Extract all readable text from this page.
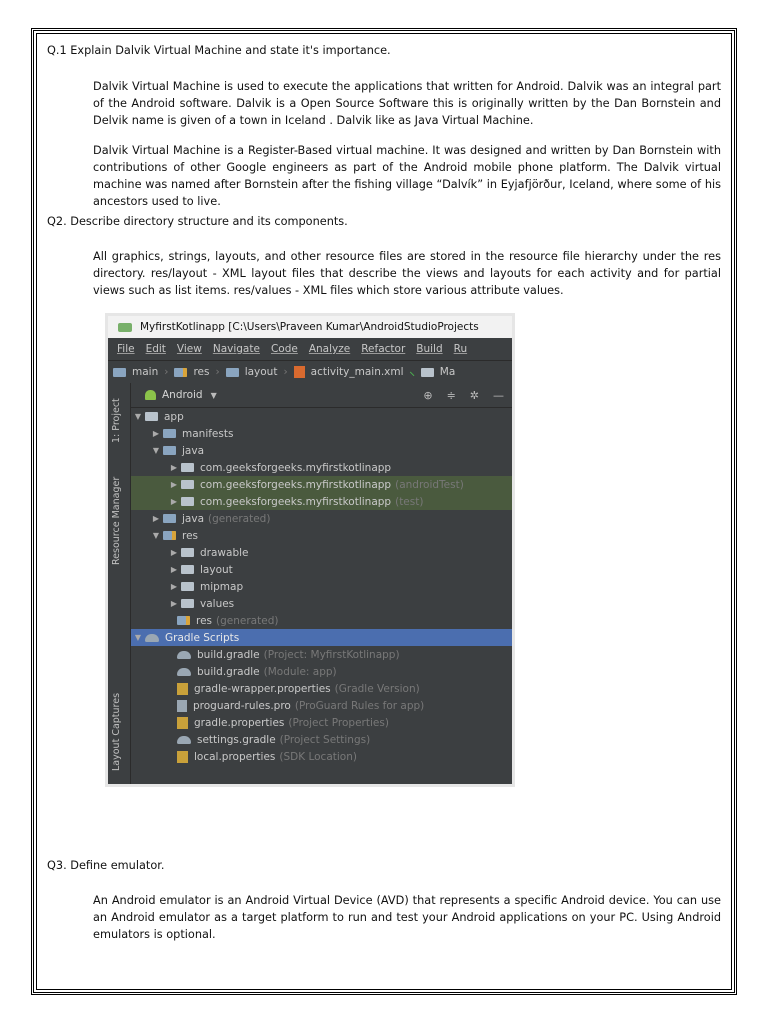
Q.1 Explain Dalvik Virtual Machine and state it's importance.

Dalvik Virtual Machine is used to execute the applications that written for Android. Dalvik was an integral part of the Android software. Dalvik is a Open Source Software this is originally written by the Dan Bornstein and Delvik name is given of a town in Iceland . Dalvik like as Java Virtual Machine.

Dalvik Virtual Machine is a Register-Based virtual machine. It was designed and written by Dan Bornstein with contributions of other Google engineers as part of the Android mobile phone platform. The Dalvik virtual machine was named after Bornstein after the fishing village “Dalvík” in Eyjafjörður, Iceland, where some of his ancestors used to live.

Q2. Describe directory structure and its components.

All graphics, strings, layouts, and other resource files are stored in the resource file hierarchy under the res directory. res/layout - XML layout files that describe the views and layouts for each activity and for partial views such as list items. res/values - XML files which store various attribute values.

Q3. Define emulator.

An Android emulator is an Android Virtual Device (AVD) that represents a specific Android device. You can use an Android emulator as a target platform to run and test your Android applications on your PC. Using Android emulators is optional.

MyfirstKotlinapp [C:\Users\Praveen Kumar\AndroidStudioProjects
File Edit View Navigate Code Analyze Refactor Build Ru
main › res › layout › activity_main.xml ⸜ Ma
1: Project
Resource Manager
Layout Captures
Android ▼	⊕ ≑ ✲ —
▼	app
▶	manifests
▼	java
▶	com.geeksforgeeks.myfirstkotlinapp
▶	com.geeksforgeeks.myfirstkotlinapp (androidTest)
▶	com.geeksforgeeks.myfirstkotlinapp (test)
▶	java (generated)
▼	res
▶	drawable
▶	layout
▶	mipmap
▶	values
res (generated)
▼	Gradle Scripts
build.gradle (Project: MyfirstKotlinapp)
build.gradle (Module: app)
gradle-wrapper.properties (Gradle Version)
proguard-rules.pro (ProGuard Rules for app)
gradle.properties (Project Properties)
settings.gradle (Project Settings)
local.properties (SDK Location)
